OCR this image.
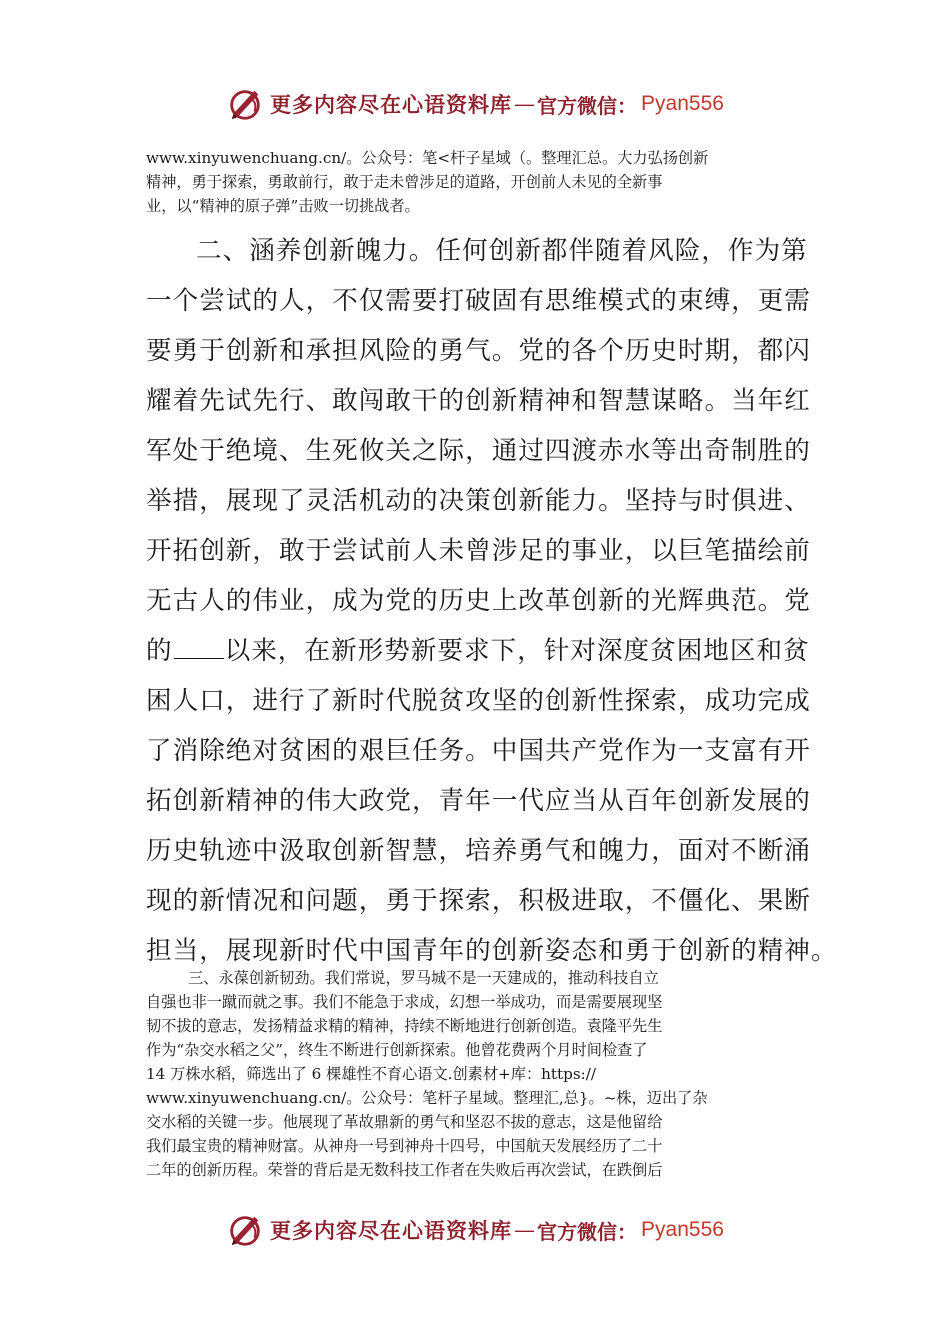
更多内容尽在心语资料库 — 官方微信： Pyan556
www.xinyuwenchuang.cn/。公众号：笔<杆子星域（。整理汇总。大力弘扬创新
精神，勇于探索，勇敢前行，敢于走未曾涉足的道路，开创前人未见的全新事
业，以“精神的原子弹”击败一切挑战者。
二、涵养创新魄力。任何创新都伴随着风险，作为第
一个尝试的人，不仅需要打破固有思维模式的束缚，更需
要勇于创新和承担风险的勇气。党的各个历史时期，都闪
耀着先试先行、敢闯敢干的创新精神和智慧谋略。当年红
军处于绝境、生死攸关之际，通过四渡赤水等出奇制胜的
举措，展现了灵活机动的决策创新能力。坚持与时俱进、
开拓创新，敢于尝试前人未曾涉足的事业，以巨笔描绘前
无古人的伟业，成为党的历史上改革创新的光辉典范。党
的 以来，在新形势新要求下，针对深度贫困地区和贫
困人口，进行了新时代脱贫攻坚的创新性探索，成功完成
了消除绝对贫困的艰巨任务。中国共产党作为一支富有开
拓创新精神的伟大政党，青年一代应当从百年创新发展的
历史轨迹中汲取创新智慧，培养勇气和魄力，面对不断涌
现的新情况和问题，勇于探索，积极进取，不僵化、果断
担当，展现新时代中国青年的创新姿态和勇于创新的精神。
三、永葆创新韧劲。我们常说，罗马城不是一天建成的，推动科技自立
自强也非一蹴而就之事。我们不能急于求成，幻想一举成功，而是需要展现坚
韧不拔的意志，发扬精益求精的精神，持续不断地进行创新创造。袁隆平先生
作为“杂交水稻之父”，终生不断进行创新探索。他曾花费两个月时间检查了
14 万株水稻，筛选出了 6 棵雄性不育心语文.创素材+库：https://
www.xinyuwenchuang.cn/。公众号：笔杆子星域。整理汇,总}。~株，迈出了杂
交水稻的关键一步。他展现了革故鼎新的勇气和坚忍不拔的意志，这是他留给
我们最宝贵的精神财富。从神舟一号到神舟十四号，中国航天发展经历了二十
二年的创新历程。荣誉的背后是无数科技工作者在失败后再次尝试，在跌倒后
更多内容尽在心语资料库 — 官方微信： Pyan556
